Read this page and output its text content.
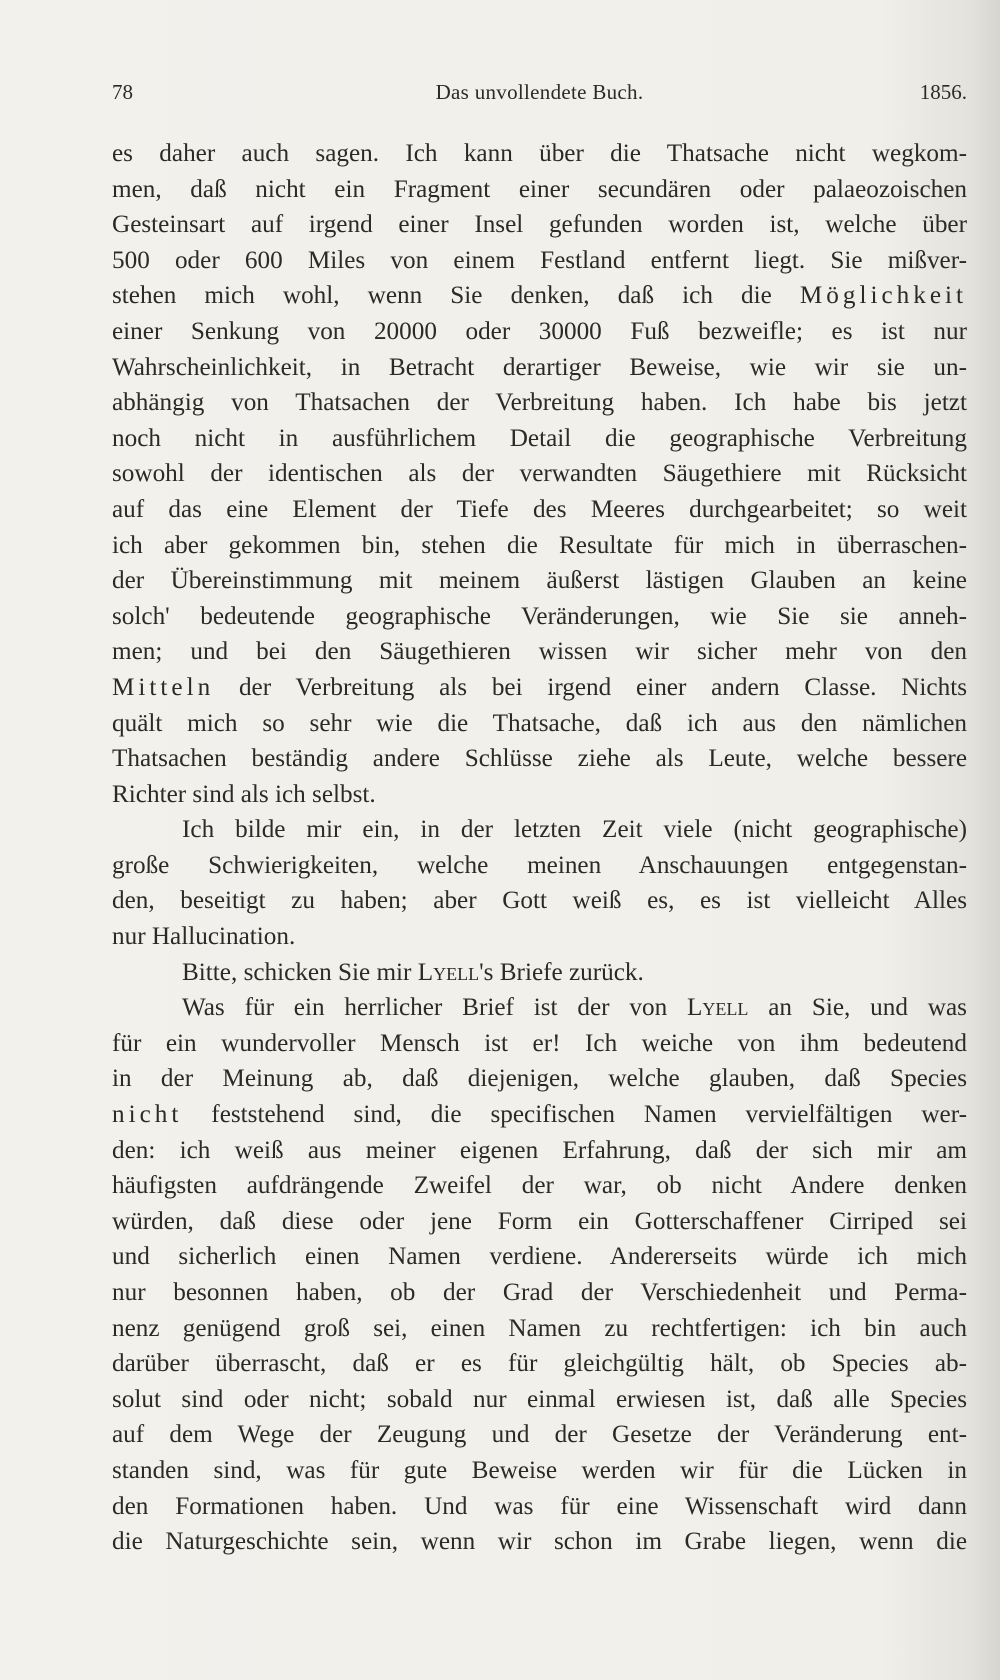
78	Das unvollendete Buch.	1856.
es daher auch sagen. Ich kann über die Thatsache nicht wegkom-
men, daß nicht ein Fragment einer secundären oder palaeozoischen
Gesteinsart auf irgend einer Insel gefunden worden ist, welche über
500 oder 600 Miles von einem Festland entfernt liegt. Sie mißver-
stehen mich wohl, wenn Sie denken, daß ich die Möglichkeit
einer Senkung von 20000 oder 30000 Fuß bezweifle; es ist nur
Wahrscheinlichkeit, in Betracht derartiger Beweise, wie wir sie un-
abhängig von Thatsachen der Verbreitung haben. Ich habe bis jetzt
noch nicht in ausführlichem Detail die geographische Verbreitung
sowohl der identischen als der verwandten Säugethiere mit Rücksicht
auf das eine Element der Tiefe des Meeres durchgearbeitet; so weit
ich aber gekommen bin, stehen die Resultate für mich in überraschen-
der Übereinstimmung mit meinem äußerst lästigen Glauben an keine
solch' bedeutende geographische Veränderungen, wie Sie sie anneh-
men; und bei den Säugethieren wissen wir sicher mehr von den
Mitteln der Verbreitung als bei irgend einer andern Classe. Nichts
quält mich so sehr wie die Thatsache, daß ich aus den nämlichen
Thatsachen beständig andere Schlüsse ziehe als Leute, welche bessere
Richter sind als ich selbst.
Ich bilde mir ein, in der letzten Zeit viele (nicht geographische)
große Schwierigkeiten, welche meinen Anschauungen entgegenstan-
den, beseitigt zu haben; aber Gott weiß es, es ist vielleicht Alles
nur Hallucination.
Bitte, schicken Sie mir Lyell's Briefe zurück.
Was für ein herrlicher Brief ist der von Lyell an Sie, und was
für ein wundervoller Mensch ist er! Ich weiche von ihm bedeutend
in der Meinung ab, daß diejenigen, welche glauben, daß Species
nicht feststehend sind, die specifischen Namen vervielfältigen wer-
den: ich weiß aus meiner eigenen Erfahrung, daß der sich mir am
häufigsten aufdrängende Zweifel der war, ob nicht Andere denken
würden, daß diese oder jene Form ein Gotterschaffener Cirriped sei
und sicherlich einen Namen verdiene. Andererseits würde ich mich
nur besonnen haben, ob der Grad der Verschiedenheit und Perma-
nenz genügend groß sei, einen Namen zu rechtfertigen: ich bin auch
darüber überrascht, daß er es für gleichgültig hält, ob Species ab-
solut sind oder nicht; sobald nur einmal erwiesen ist, daß alle Species
auf dem Wege der Zeugung und der Gesetze der Veränderung ent-
standen sind, was für gute Beweise werden wir für die Lücken in
den Formationen haben. Und was für eine Wissenschaft wird dann
die Naturgeschichte sein, wenn wir schon im Grabe liegen, wenn die
